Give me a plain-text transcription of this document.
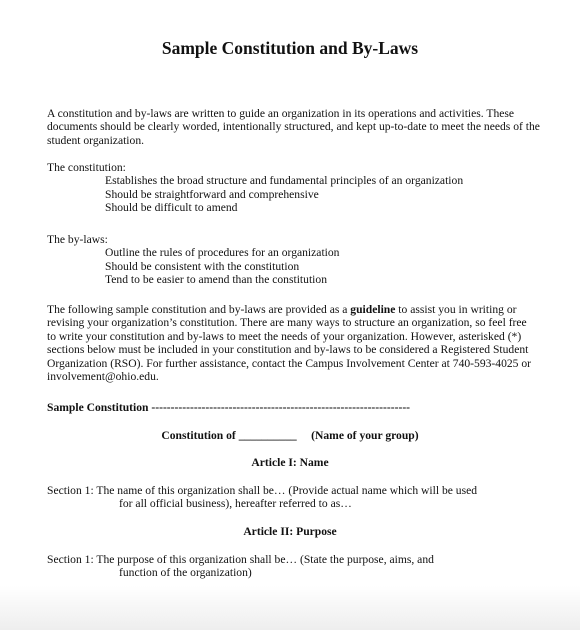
Sample Constitution and By-Laws
A constitution and by-laws are written to guide an organization in its operations and activities. These
documents should be clearly worded, intentionally structured, and kept up-to-date to meet the needs of the
student organization.
The constitution:
Establishes the broad structure and fundamental principles of an organization
Should be straightforward and comprehensive
Should be difficult to amend
The by-laws:
Outline the rules of procedures for an organization
Should be consistent with the constitution
Tend to be easier to amend than the constitution
The following sample constitution and by-laws are provided as a guideline to assist you in writing or
revising your organization’s constitution. There are many ways to structure an organization, so feel free
to write your constitution and by-laws to meet the needs of your organization. However, asterisked (*)
sections below must be included in your constitution and by-laws to be considered a Registered Student
Organization (RSO). For further assistance, contact the Campus Involvement Center at 740-593-4025 or
involvement@ohio.edu.
Sample Constitution -------------------------------------------------------------------
Constitution of __________     (Name of your group)
Article I: Name
Section 1: The name of this organization shall be… (Provide actual name which will be used
for all official business), hereafter referred to as…
Article II: Purpose
Section 1: The purpose of this organization shall be… (State the purpose, aims, and
function of the organization)
